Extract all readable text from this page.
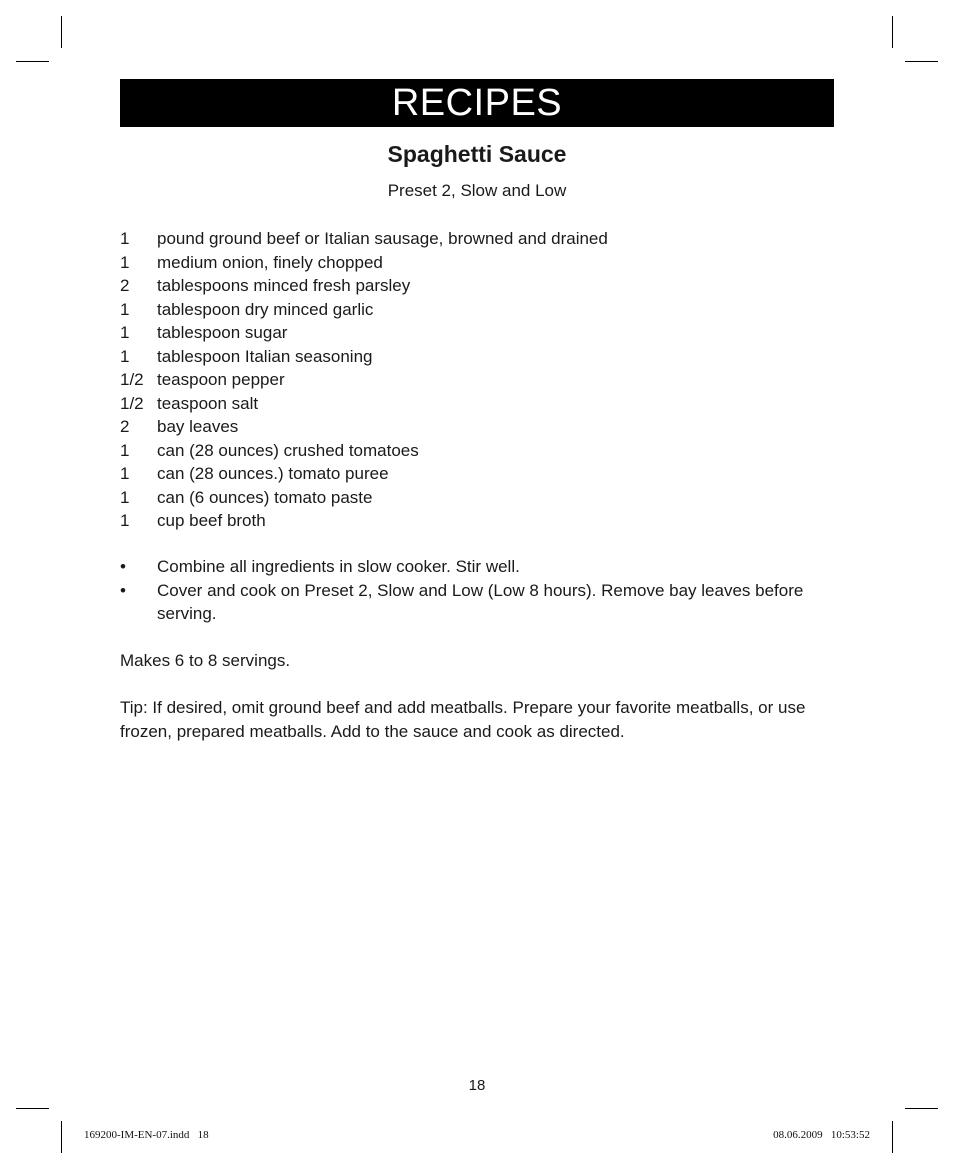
RECIPES
Spaghetti Sauce
Preset 2, Slow and Low
1	pound ground beef or Italian sausage, browned and drained
1	medium onion, finely chopped
2	tablespoons minced fresh parsley
1	tablespoon dry minced garlic
1	tablespoon sugar
1	tablespoon Italian seasoning
1/2 teaspoon pepper
1/2 teaspoon salt
2	bay leaves
1	can (28 ounces) crushed tomatoes
1	can (28 ounces.) tomato puree
1	can (6 ounces) tomato paste
1	cup beef broth
•	Combine all ingredients in slow cooker. Stir well.
•	Cover and cook on Preset 2, Slow and Low (Low 8 hours). Remove bay leaves before serving.

Makes 6 to 8 servings.

Tip: If desired, omit ground beef and add meatballs. Prepare your favorite meatballs, or use frozen, prepared meatballs. Add to the sauce and cook as directed.

18
169200-IM-EN-07.indd   18	08.06.2009   10:53:52
